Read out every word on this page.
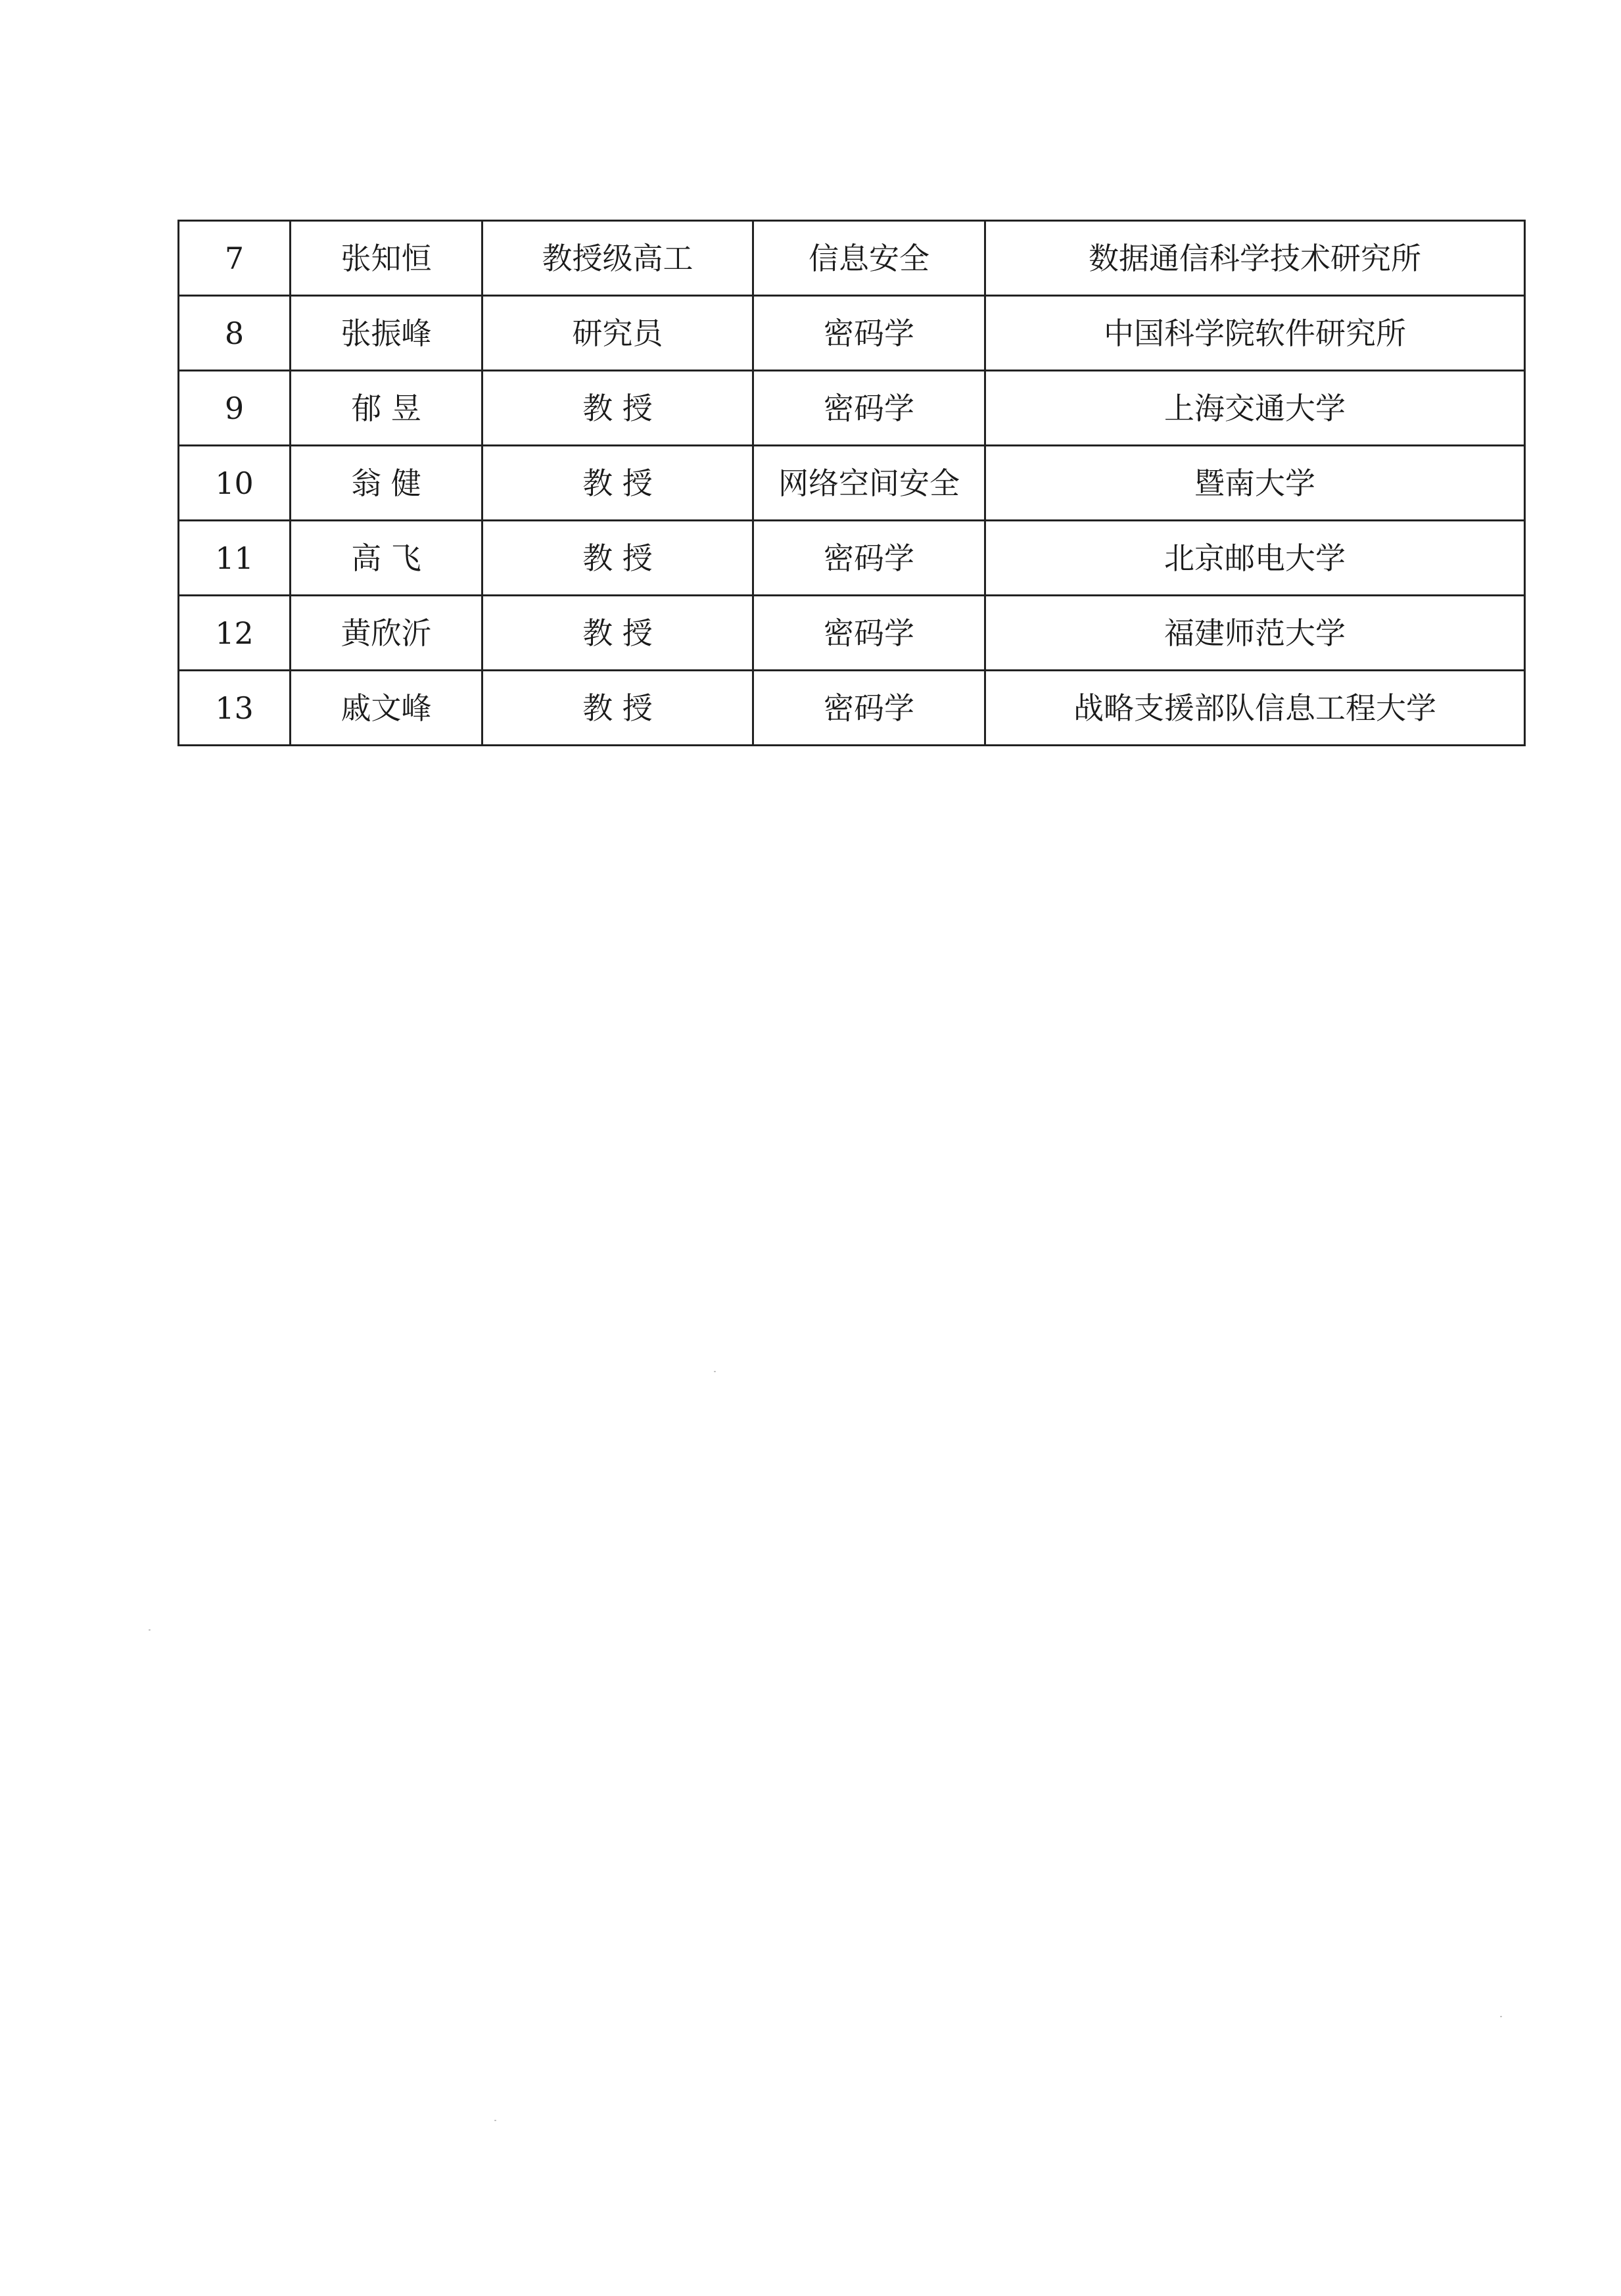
7	张知恒	教授级高工	信息安全	数据通信科学技术研究所
8	张振峰	研究员	密码学	中国科学院软件研究所
9	郁 昱	教 授	密码学	上海交通大学
10	翁 健	教 授	网络空间安全	暨南大学
11	高 飞	教 授	密码学	北京邮电大学
12	黄欣沂	教 授	密码学	福建师范大学
13	戚文峰	教 授	密码学	战略支援部队信息工程大学
